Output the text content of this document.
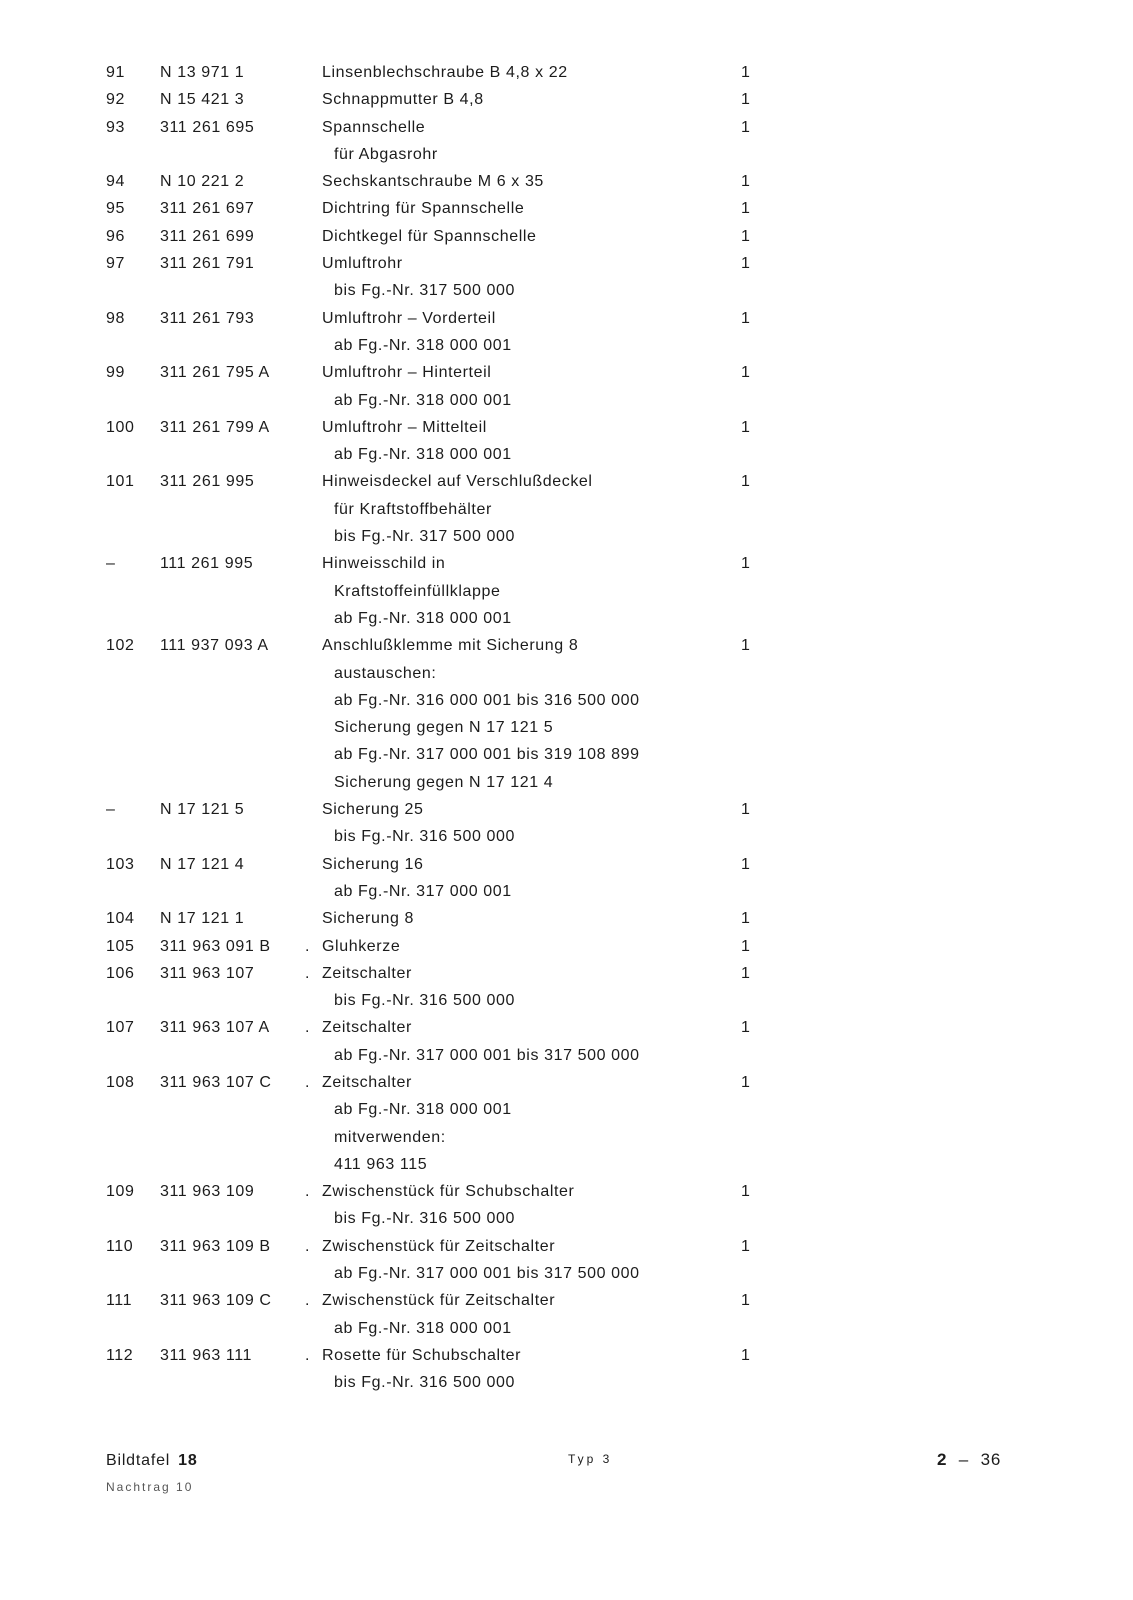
91	N 13 971 1	Linsenblechschraube B 4,8 x 22	1
92	N 15 421 3	Schnappmutter B 4,8	1
93	311 261 695	Spannschelle	1
für Abgasrohr
94	N 10 221 2	Sechskantschraube M 6 x 35	1
95	311 261 697	Dichtring für Spannschelle	1
96	311 261 699	Dichtkegel für Spannschelle	1
97	311 261 791	Umluftrohr	1
bis Fg.-Nr. 317 500 000
98	311 261 793	Umluftrohr – Vorderteil	1
ab Fg.-Nr. 318 000 001
99	311 261 795 A	Umluftrohr – Hinterteil	1
ab Fg.-Nr. 318 000 001
100	311 261 799 A	Umluftrohr – Mittelteil	1
ab Fg.-Nr. 318 000 001
101	311 261 995	Hinweisdeckel auf Verschlußdeckel	1
für Kraftstoffbehälter
bis Fg.-Nr. 317 500 000
–	111 261 995	Hinweisschild in	1
Kraftstoffeinfüllklappe
ab Fg.-Nr. 318 000 001
102	111 937 093 A	Anschlußklemme mit Sicherung 8	1
austauschen:
ab Fg.-Nr. 316 000 001 bis 316 500 000
Sicherung gegen N 17 121 5
ab Fg.-Nr. 317 000 001 bis 319 108 899
Sicherung gegen N 17 121 4
–	N 17 121 5	Sicherung 25	1
bis Fg.-Nr. 316 500 000
103	N 17 121 4	Sicherung 16	1
ab Fg.-Nr. 317 000 001
104	N 17 121 1	Sicherung 8	1
105	311 963 091 B . Gluhkerze	1
106	311 963 107	. Zeitschalter	1
bis Fg.-Nr. 316 500 000
107	311 963 107 A . Zeitschalter	1
ab Fg.-Nr. 317 000 001 bis 317 500 000
108	311 963 107 C . Zeitschalter	1
ab Fg.-Nr. 318 000 001
mitverwenden:
411 963 115
109	311 963 109	. Zwischenstück für Schubschalter	1
bis Fg.-Nr. 316 500 000
110	311 963 109 B . Zwischenstück für Zeitschalter	1
ab Fg.-Nr. 317 000 001 bis 317 500 000
111	311 963 109 C . Zwischenstück für Zeitschalter	1
ab Fg.-Nr. 318 000 001
112	311 963 111	. Rosette für Schubschalter	1
bis Fg.-Nr. 316 500 000
Bildtafel 18
Nachtrag 10
Typ 3	2 – 36
